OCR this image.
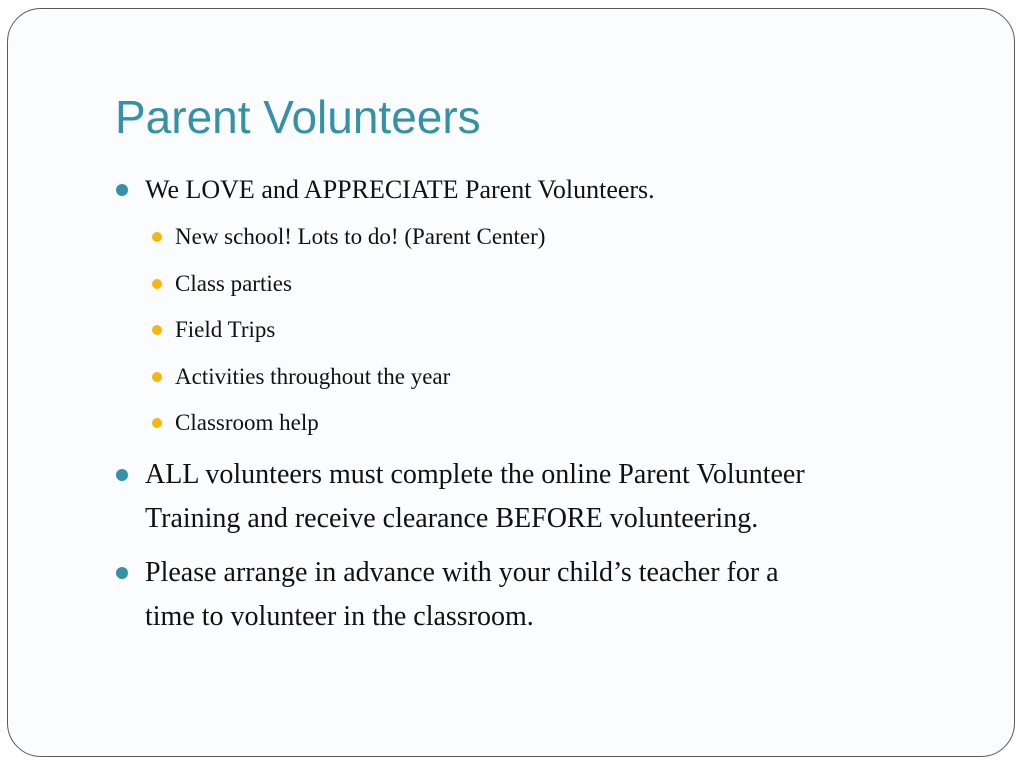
Parent Volunteers
We LOVE and APPRECIATE Parent Volunteers.
New school! Lots to do! (Parent Center)
Class parties
Field Trips
Activities throughout the year
Classroom help
ALL volunteers must complete the online Parent Volunteer
Training and receive clearance BEFORE volunteering.
Please arrange in advance with your child’s teacher for a
time to volunteer in the classroom.
